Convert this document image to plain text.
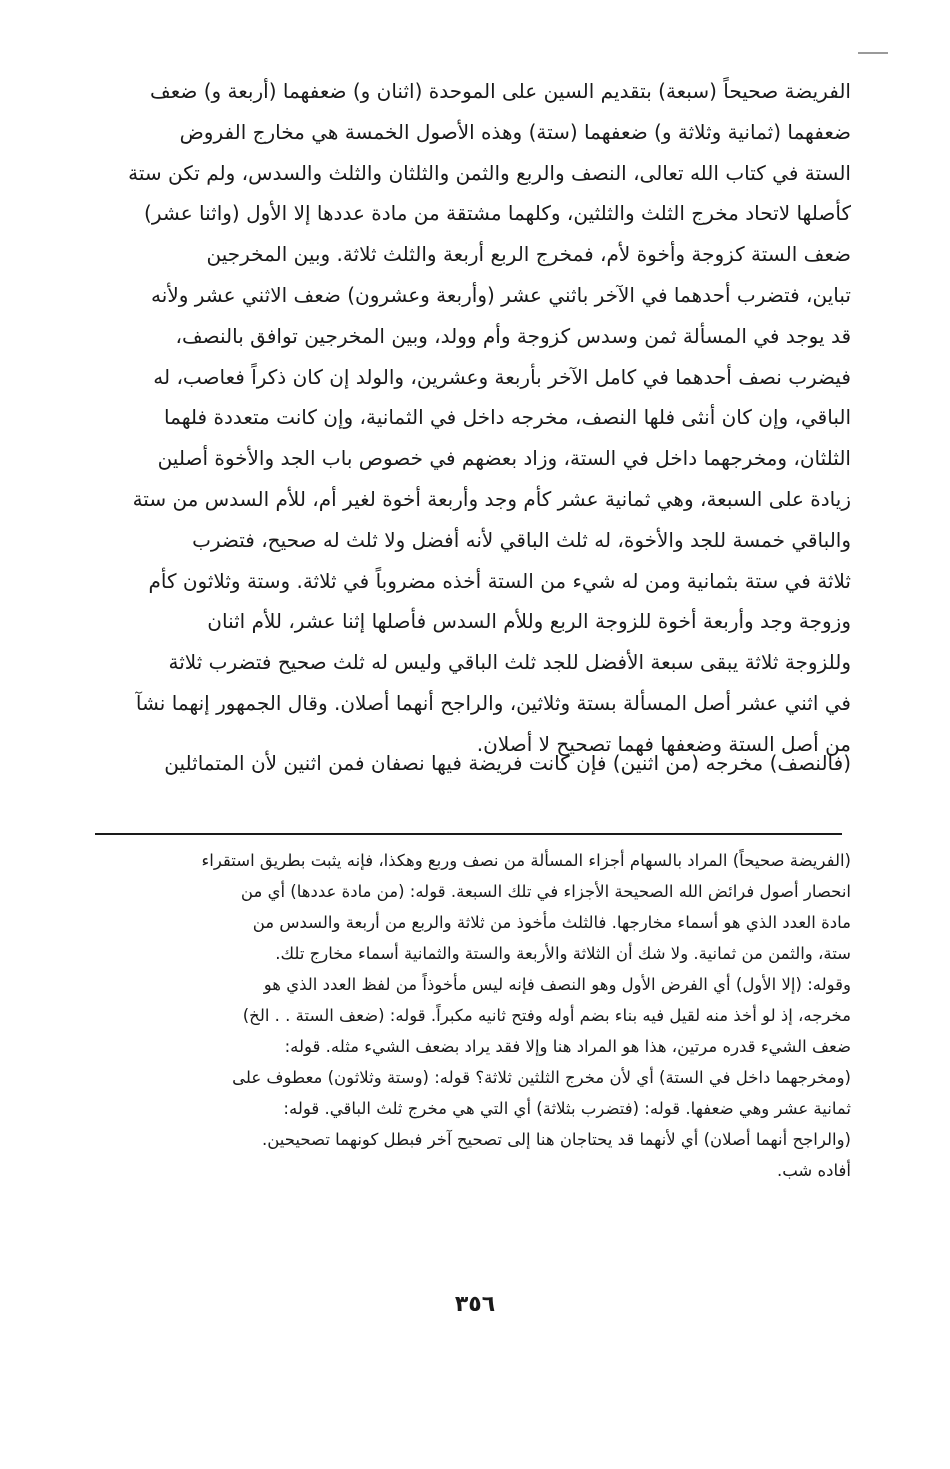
الفريضة صحيحاً (سبعة) بتقديم السين على الموحدة (اثنان و) ضعفهما (أربعة و) ضعف
ضعفهما (ثمانية وثلاثة و) ضعفهما (ستة) وهذه الأصول الخمسة هي مخارج الفروض
الستة في كتاب الله تعالى، النصف والربع والثمن والثلثان والثلث والسدس، ولم تكن ستة
كأصلها لاتحاد مخرج الثلث والثلثين، وكلهما مشتقة من مادة عددها إلا الأول (واثنا عشر)
ضعف الستة كزوجة وأخوة لأم، فمخرج الربع أربعة والثلث ثلاثة. وبين المخرجين
تباين، فتضرب أحدهما في الآخر باثني عشر (وأربعة وعشرون) ضعف الاثني عشر ولأنه
قد يوجد في المسألة ثمن وسدس كزوجة وأم وولد، وبين المخرجين توافق بالنصف،
فيضرب نصف أحدهما في كامل الآخر بأربعة وعشرين، والولد إن كان ذكراً فعاصب، له
الباقي، وإن كان أنثى فلها النصف، مخرجه داخل في الثمانية، وإن كانت متعددة فلهما
الثلثان، ومخرجهما داخل في الستة، وزاد بعضهم في خصوص باب الجد والأخوة أصلين
زيادة على السبعة، وهي ثمانية عشر كأم وجد وأربعة أخوة لغير أم، للأم السدس من ستة
والباقي خمسة للجد والأخوة، له ثلث الباقي لأنه أفضل ولا ثلث له صحيح، فتضرب
ثلاثة في ستة بثمانية ومن له شيء من الستة أخذه مضروباً في ثلاثة. وستة وثلاثون كأم
وزوجة وجد وأربعة أخوة للزوجة الربع وللأم السدس فأصلها إثنا عشر، للأم اثنان
وللزوجة ثلاثة يبقى سبعة الأفضل للجد ثلث الباقي وليس له ثلث صحيح فتضرب ثلاثة
في اثني عشر أصل المسألة بستة وثلاثين، والراجح أنهما أصلان. وقال الجمهور إنهما نشآ
من أصل الستة وضعفها فهما تصحيح لا أصلان.
(فالنصف) مخرجه (من اثنين) فإن كانت فريضة فيها نصفان فمن اثنين لأن المتماثلين
(الفريضة صحيحاً) المراد بالسهام أجزاء المسألة من نصف وربع وهكذا، فإنه يثبت بطريق استقراء
انحصار أصول فرائض الله الصحيحة الأجزاء في تلك السبعة. قوله: (من مادة عددها) أي من
مادة العدد الذي هو أسماء مخارجها. فالثلث مأخوذ من ثلاثة والربع من أربعة والسدس من
ستة، والثمن من ثمانية. ولا شك أن الثلاثة والأربعة والستة والثمانية أسماء مخارج تلك.
وقوله: (إلا الأول) أي الفرض الأول وهو النصف فإنه ليس مأخوذاً من لفظ العدد الذي هو
مخرجه، إذ لو أخذ منه لقيل فيه بناء بضم أوله وفتح ثانيه مكبراً. قوله: (ضعف الستة . . الخ)
ضعف الشيء قدره مرتين، هذا هو المراد هنا وإلا فقد يراد بضعف الشيء مثله. قوله:
(ومخرجهما داخل في الستة) أي لأن مخرج الثلثين ثلاثة؟ قوله: (وستة وثلاثون) معطوف على
ثمانية عشر وهي ضعفها. قوله: (فتضرب بثلاثة) أي التي هي مخرج ثلث الباقي. قوله:
(والراجح أنهما أصلان) أي لأنهما قد يحتاجان هنا إلى تصحيح آخر فبطل كونهما تصحيحين.
أفاده شب.
٣٥٦
